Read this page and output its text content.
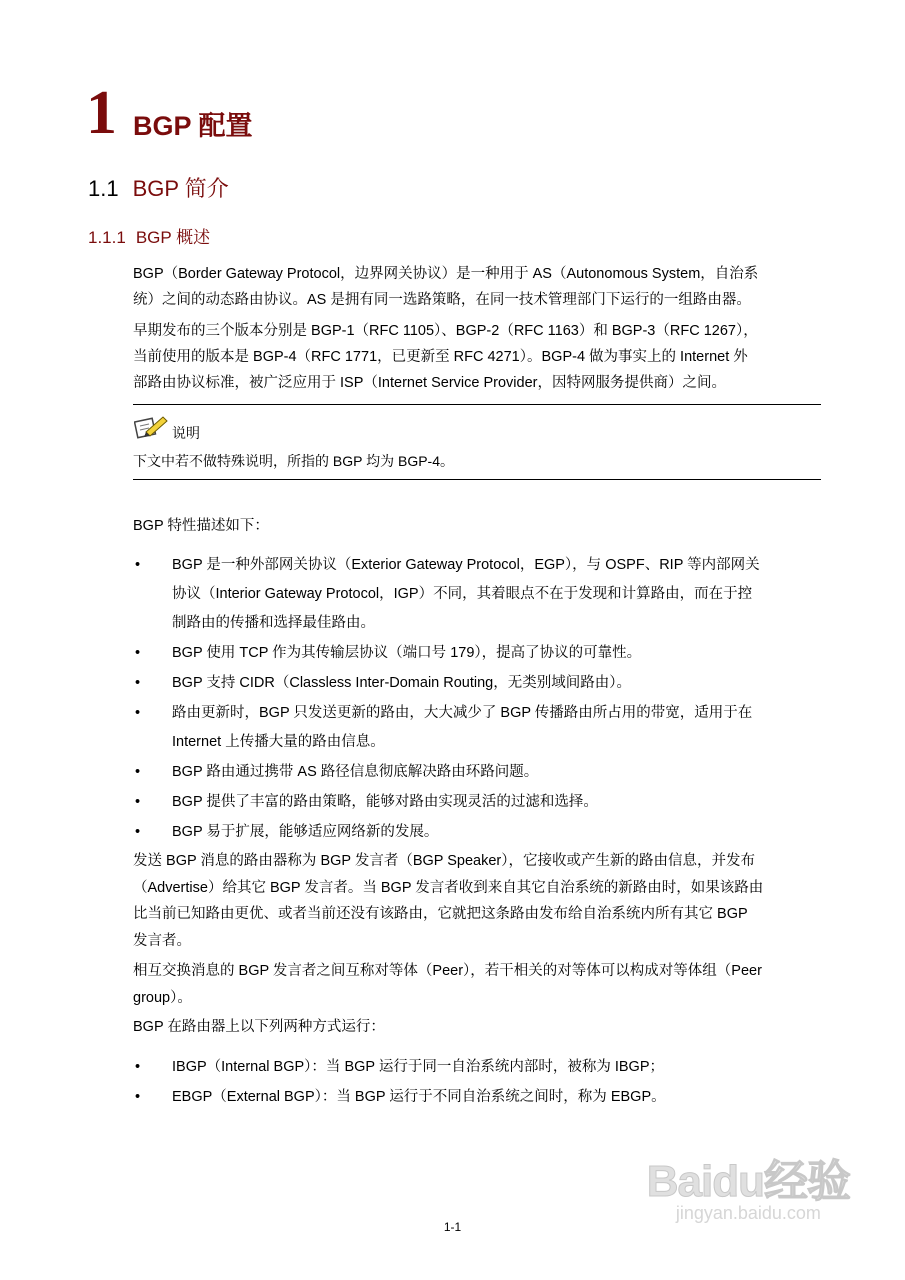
1 BGP 配置
1.1 BGP 简介
1.1.1 BGP 概述
BGP（Border Gateway Protocol，边界网关协议）是一种用于 AS（Autonomous System，自治系
统）之间的动态路由协议。AS 是拥有同一选路策略，在同一技术管理部门下运行的一组路由器。
早期发布的三个版本分别是 BGP-1（RFC 1105）、BGP-2（RFC 1163）和 BGP-3（RFC 1267），
当前使用的版本是 BGP-4（RFC 1771，已更新至 RFC 4271）。BGP-4 做为事实上的 Internet 外
部路由协议标准，被广泛应用于 ISP（Internet Service Provider，因特网服务提供商）之间。
说明
下文中若不做特殊说明，所指的 BGP 均为 BGP-4。
BGP 特性描述如下：
• BGP 是一种外部网关协议（Exterior Gateway Protocol，EGP），与 OSPF、RIP 等内部网关
协议（Interior Gateway Protocol，IGP）不同，其着眼点不在于发现和计算路由，而在于控
制路由的传播和选择最佳路由。
• BGP 使用 TCP 作为其传输层协议（端口号 179），提高了协议的可靠性。
• BGP 支持 CIDR（Classless Inter-Domain Routing，无类别域间路由）。
• 路由更新时，BGP 只发送更新的路由，大大减少了 BGP 传播路由所占用的带宽，适用于在
Internet 上传播大量的路由信息。
• BGP 路由通过携带 AS 路径信息彻底解决路由环路问题。
• BGP 提供了丰富的路由策略，能够对路由实现灵活的过滤和选择。
• BGP 易于扩展，能够适应网络新的发展。
发送 BGP 消息的路由器称为 BGP 发言者（BGP Speaker），它接收或产生新的路由信息，并发布
（Advertise）给其它 BGP 发言者。当 BGP 发言者收到来自其它自治系统的新路由时，如果该路由
比当前已知路由更优、或者当前还没有该路由，它就把这条路由发布给自治系统内所有其它 BGP
发言者。
相互交换消息的 BGP 发言者之间互称对等体（Peer），若干相关的对等体可以构成对等体组（Peer
group）。
BGP 在路由器上以下列两种方式运行：
• IBGP（Internal BGP）：当 BGP 运行于同一自治系统内部时，被称为 IBGP；
• EBGP（External BGP）：当 BGP 运行于不同自治系统之间时，称为 EBGP。
1-1
Baidu经验
jingyan.baidu.com
